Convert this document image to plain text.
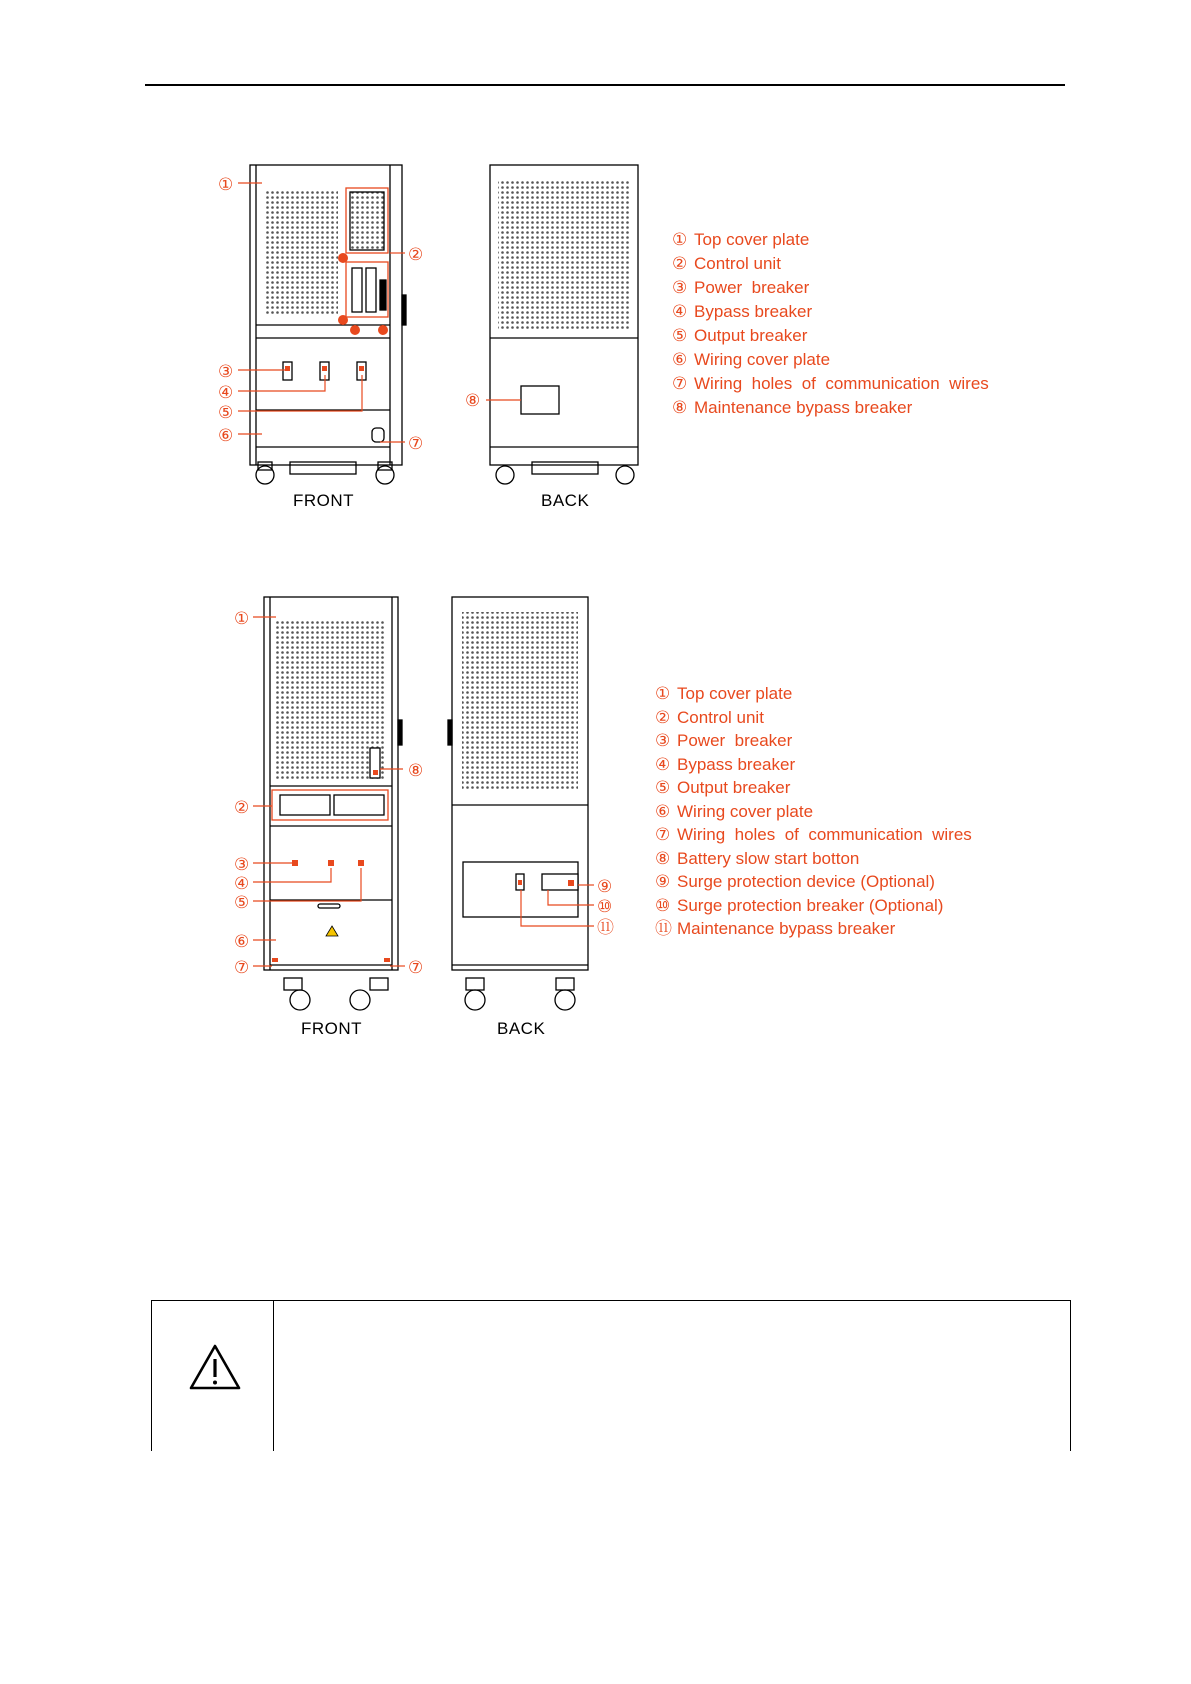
①
②
③
④
⑤
⑥	⑦
⑧
①
⑧
②
③
④
⑤
⑥
⑦	⑦
⑨
⑩
⑪
FRONT	BACK
① Top cover plate
② Control unit
③ Power  breaker
④ Bypass breaker
⑤ Output breaker
⑥ Wiring cover plate
⑦ Wiring  holes  of  communication  wires
⑧ Maintenance bypass breaker
FRONT	BACK
① Top cover plate
② Control unit
③ Power  breaker
④ Bypass breaker
⑤ Output breaker
⑥ Wiring cover plate
⑦ Wiring  holes  of  communication  wires
⑧ Battery slow start botton
⑨ Surge protection device (Optional)
⑩ Surge protection breaker (Optional)
⑪ Maintenance bypass breaker
